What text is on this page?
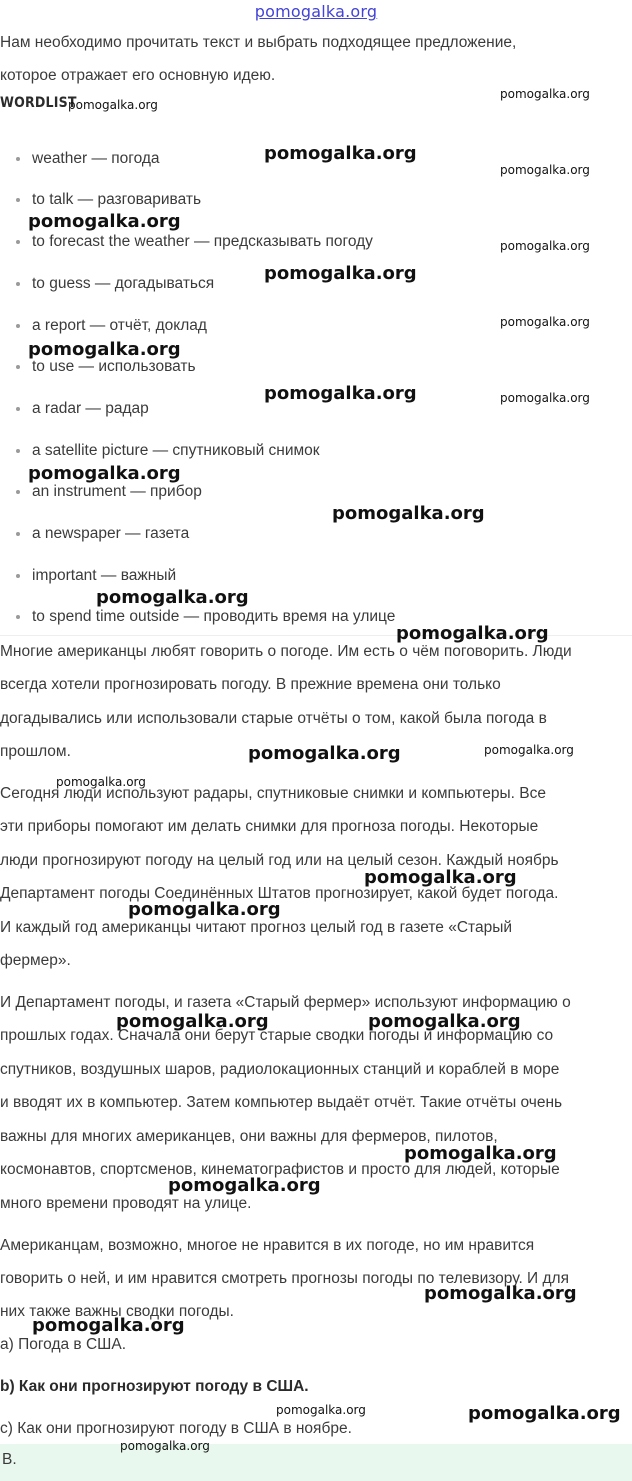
pomogalka.org

Нам необходимо прочитать текст и выбрать подходящее предложение,

которое отражает его основную идею.

WORDLIST

weather — погода
to talk — разговаривать
to forecast the weather — предсказывать погоду
to guess — догадываться
a report — отчёт, доклад
to use — использовать
a radar — радар
a satellite picture — спутниковый снимок
an instrument — прибор
a newspaper — газета
important — важный
to spend time outside — проводить время на улице

Многие американцы любят говорить о погоде. Им есть о чём поговорить. Люди

всегда хотели прогнозировать погоду. В прежние времена они только

догадывались или использовали старые отчёты о том, какой была погода в

прошлом.

Сегодня люди используют радары, спутниковые снимки и компьютеры. Все

эти приборы помогают им делать снимки для прогноза погоды. Некоторые

люди прогнозируют погоду на целый год или на целый сезон. Каждый ноябрь

Департамент погоды Соединённых Штатов прогнозирует, какой будет погода.

И каждый год американцы читают прогноз целый год в газете «Старый

фермер».

И Департамент погоды, и газета «Старый фермер» используют информацию о

прошлых годах. Сначала они берут старые сводки погоды и информацию со

спутников, воздушных шаров, радиолокационных станций и кораблей в море

и вводят их в компьютер. Затем компьютер выдаёт отчёт. Такие отчёты очень

важны для многих американцев, они важны для фермеров, пилотов,

космонавтов, спортсменов, кинематографистов и просто для людей, которые

много времени проводят на улице.

Американцам, возможно, многое не нравится в их погоде, но им нравится

говорить о ней, и им нравится смотреть прогнозы погоды по телевизору. И для

них также важны сводки погоды.

a) Погода в США.

b) Как они прогнозируют погоду в США.

c) Как они прогнозируют погоду в США в ноябре.

B.
pomogalka.org
pomogalka.org
pomogalka.org
pomogalka.org
pomogalka.org
pomogalka.org
pomogalka.org
pomogalka.org
pomogalka.org
pomogalka.org	pomogalka.org
pomogalka.org
pomogalka.org
pomogalka.org
pomogalka.org
pomogalka.org	pomogalka.org
pomogalka.org
pomogalka.org
pomogalka.org
pomogalka.org
pomogalka.org
pomogalka.org
pomogalka.org
pomogalka.org
pomogalka.org
pomogalka.org	pomogalka.org
pomogalka.org
